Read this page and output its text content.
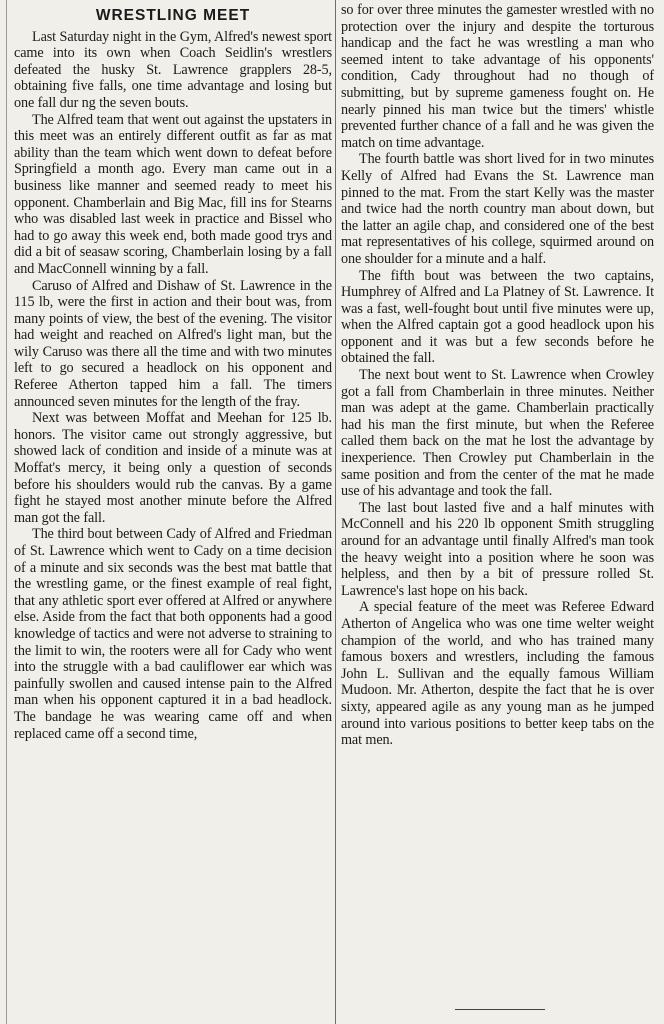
WRESTLING MEET

Last Saturday night in the Gym, Alfred's newest sport came into its own when Coach Seidlin's wrestlers defeated the husky St. Lawrence grapplers 28-5, obtaining five falls, one time advantage and losing but one fall dur ng the seven bouts.

The Alfred team that went out against the upstaters in this meet was an entirely different outfit as far as mat ability than the team which went down to defeat before Springfield a month ago. Every man came out in a business like manner and seemed ready to meet his opponent. Chamberlain and Big Mac, fill ins for Stearns who was disabled last week in practice and Bissel who had to go away this week end, both made good trys and did a bit of seasaw scoring, Chamberlain losing by a fall and MacConnell winning by a fall.

Caruso of Alfred and Dishaw of St. Lawrence in the 115 lb, were the first in action and their bout was, from many points of view, the best of the evening. The visitor had weight and reached on Alfred's light man, but the wily Caruso was there all the time and with two minutes left to go secured a headlock on his opponent and Referee Atherton tapped him a fall. The timers announced seven minutes for the length of the fray.

Next was between Moffat and Meehan for 125 lb. honors. The visitor came out strongly aggressive, but showed lack of condition and inside of a minute was at Moffat's mercy, it being only a question of seconds before his shoulders would rub the canvas. By a game fight he stayed most another minute before the Alfred man got the fall.

The third bout between Cady of Alfred and Friedman of St. Lawrence which went to Cady on a time decision of a minute and six seconds was the best mat battle that the wrestling game, or the finest example of real fight, that any athletic sport ever offered at Alfred or anywhere else. Aside from the fact that both opponents had a good knowledge of tactics and were not adverse to straining to the limit to win, the rooters were all for Cady who went into the struggle with a bad cauliflower ear which was painfully swollen and caused intense pain to the Alfred man when his opponent captured it in a bad headlock. The bandage he was wearing came off and when replaced came off a second time,

so for over three minutes the gamester wrestled with no protection over the injury and despite the torturous handicap and the fact he was wrestling a man who seemed intent to take advantage of his opponents' condition, Cady throughout had no though of submitting, but by supreme gameness fought on. He nearly pinned his man twice but the timers' whistle prevented further chance of a fall and he was given the match on time advantage.

The fourth battle was short lived for in two minutes Kelly of Alfred had Evans the St. Lawrence man pinned to the mat. From the start Kelly was the master and twice had the north country man about down, but the latter an agile chap, and considered one of the best mat representatives of his college, squirmed around on one shoulder for a minute and a half.

The fifth bout was between the two captains, Humphrey of Alfred and La Platney of St. Lawrence. It was a fast, well-fought bout until five minutes were up, when the Alfred captain got a good headlock upon his opponent and it was but a few seconds before he obtained the fall.

The next bout went to St. Lawrence when Crowley got a fall from Chamberlain in three minutes. Neither man was adept at the game. Chamberlain practically had his man the first minute, but when the Referee called them back on the mat he lost the advantage by inexperience. Then Crowley put Chamberlain in the same position and from the center of the mat he made use of his advantage and took the fall.

The last bout lasted five and a half minutes with McConnell and his 220 lb opponent Smith struggling around for an advantage until finally Alfred's man took the heavy weight into a position where he soon was helpless, and then by a bit of pressure rolled St. Lawrence's last hope on his back.

A special feature of the meet was Referee Edward Atherton of Angelica who was one time welter weight champion of the world, and who has trained many famous boxers and wrestlers, including the famous John L. Sullivan and the equally famous William Mudoon. Mr. Atherton, despite the fact that he is over sixty, appeared agile as any young man as he jumped around into various positions to better keep tabs on the mat men.
